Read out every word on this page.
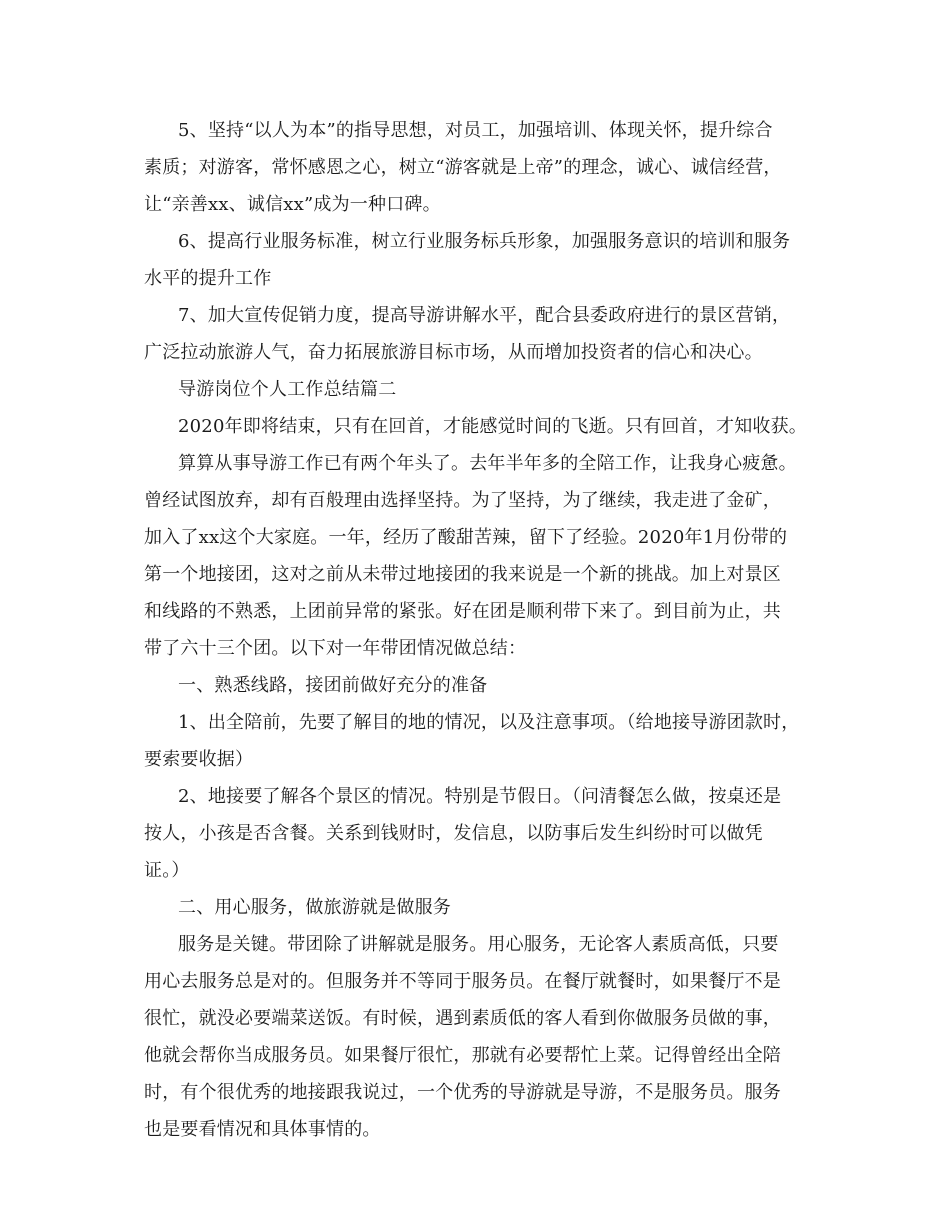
5、坚持“以人为本”的指导思想，对员工，加强培训、体现关怀，提升综合
素质；对游客，常怀感恩之心，树立“游客就是上帝”的理念，诚心、诚信经营，
让“亲善xx、诚信xx”成为一种口碑。
6、提高行业服务标准，树立行业服务标兵形象，加强服务意识的培训和服务
水平的提升工作
7、加大宣传促销力度，提高导游讲解水平，配合县委政府进行的景区营销，
广泛拉动旅游人气，奋力拓展旅游目标市场，从而增加投资者的信心和决心。
导游岗位个人工作总结篇二
2020年即将结束，只有在回首，才能感觉时间的飞逝。只有回首，才知收获。
算算从事导游工作已有两个年头了。去年半年多的全陪工作，让我身心疲惫。
曾经试图放弃，却有百般理由选择坚持。为了坚持，为了继续，我走进了金矿，
加入了xx这个大家庭。一年，经历了酸甜苦辣，留下了经验。2020年1月份带的
第一个地接团，这对之前从未带过地接团的我来说是一个新的挑战。加上对景区
和线路的不熟悉，上团前异常的紧张。好在团是顺利带下来了。到目前为止，共
带了六十三个团。以下对一年带团情况做总结：
一、熟悉线路，接团前做好充分的准备
1、出全陪前，先要了解目的地的情况，以及注意事项。（给地接导游团款时，
要索要收据）
2、地接要了解各个景区的情况。特别是节假日。（问清餐怎么做，按桌还是
按人，小孩是否含餐。关系到钱财时，发信息，以防事后发生纠纷时可以做凭
证。）
二、用心服务，做旅游就是做服务
服务是关键。带团除了讲解就是服务。用心服务，无论客人素质高低，只要
用心去服务总是对的。但服务并不等同于服务员。在餐厅就餐时，如果餐厅不是
很忙，就没必要端菜送饭。有时候，遇到素质低的客人看到你做服务员做的事，
他就会帮你当成服务员。如果餐厅很忙，那就有必要帮忙上菜。记得曾经出全陪
时，有个很优秀的地接跟我说过，一个优秀的导游就是导游，不是服务员。服务
也是要看情况和具体事情的。
